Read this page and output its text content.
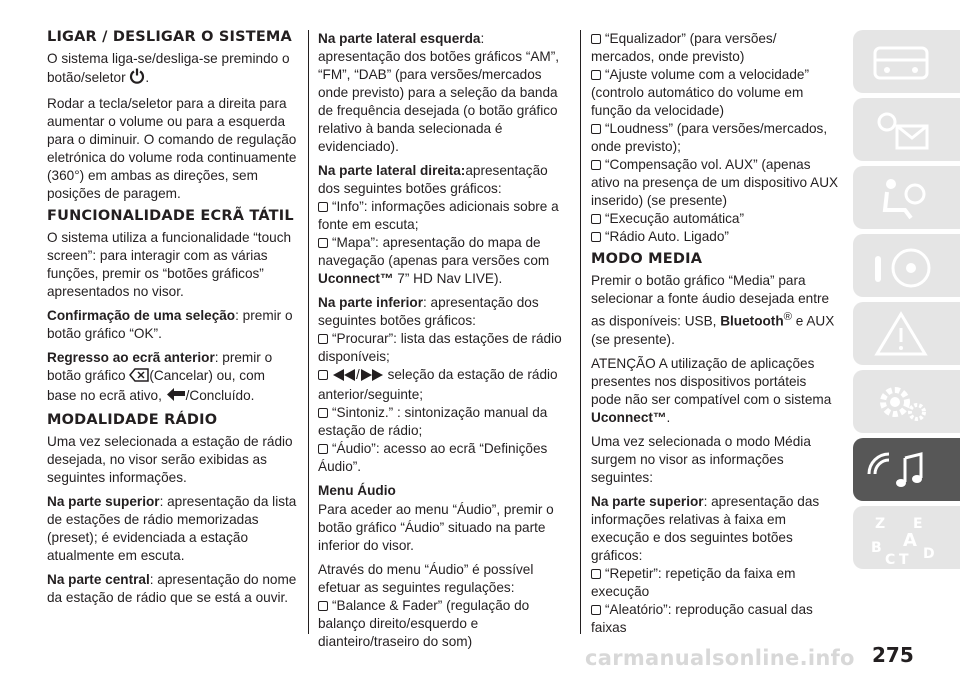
LIGAR / DESLIGAR O SISTEMA

O sistema liga-se/desliga-se premindo o botão/seletor .

Rodar a tecla/seletor para a direita para aumentar o volume ou para a esquerda para o diminuir. O comando de regulação eletrónica do volume roda continuamente (360°) em ambas as direções, sem posições de paragem.

FUNCIONALIDADE ECRÃ TÁTIL

O sistema utiliza a funcionalidade “touch screen”: para interagir com as várias funções, premir os “botões gráficos” apresentados no visor.

Confirmação de uma seleção: premir o botão gráfico “OK”.

Regresso ao ecrã anterior: premir o botão gráfico (Cancelar) ou, com base no ecrã ativo, /Concluído.

MODALIDADE RÁDIO

Uma vez selecionada a estação de rádio desejada, no visor serão exibidas as seguintes informações.

Na parte superior: apresentação da lista de estações de rádio memorizadas (preset); é evidenciada a estação atualmente em escuta.

Na parte central: apresentação do nome da estação de rádio que se está a ouvir.

Na parte lateral esquerda: apresentação dos botões gráficos “AM”, “FM”, “DAB” (para versões/mercados onde previsto) para a seleção da banda de frequência desejada (o botão gráfico relativo à banda selecionada é evidenciado).

Na parte lateral direita:apresentação dos seguintes botões gráficos:

“Info”: informações adicionais sobre a fonte em escuta;

“Mapa”: apresentação do mapa de navegação (apenas para versões com Uconnect™ 7” HD Nav LIVE).

Na parte inferior: apresentação dos seguintes botões gráficos:

“Procurar”: lista das estações de rádio disponíveis;

/ seleção da estação de rádio anterior/seguinte;

“Sintoniz.” : sintonização manual da estação de rádio;

“Áudio”: acesso ao ecrã “Definições Áudio”.

Menu Áudio

Para aceder ao menu “Áudio”, premir o botão gráfico “Áudio” situado na parte inferior do visor.

Através do menu “Áudio” é possível efetuar as seguintes regulações:

“Balance & Fader” (regulação do balanço direito/esquerdo e dianteiro/traseiro do som)

“Equalizador” (para versões/ mercados, onde previsto)

“Ajuste volume com a velocidade” (controlo automático do volume em função da velocidade)

“Loudness” (para versões/mercados, onde previsto);

“Compensação vol. AUX” (apenas ativo na presença de um dispositivo AUX inserido) (se presente)

“Execução automática”

“Rádio Auto. Ligado”

MODO MEDIA

Premir o botão gráfico “Media” para selecionar a fonte áudio desejada entre as disponíveis: USB, Bluetooth® e AUX (se presente).

ATENÇÃO A utilização de aplicações presentes nos dispositivos portáteis pode não ser compatível com o sistema Uconnect™.

Uma vez selecionada o modo Média surgem no visor as informações seguintes:

Na parte superior: apresentação das informações relativas à faixa em execução e dos seguintes botões gráficos:

“Repetir”: repetição da faixa em execução

“Aleatório”: reprodução casual das faixas

Z E
A
B
C T D
carmanualsonline.info 275
